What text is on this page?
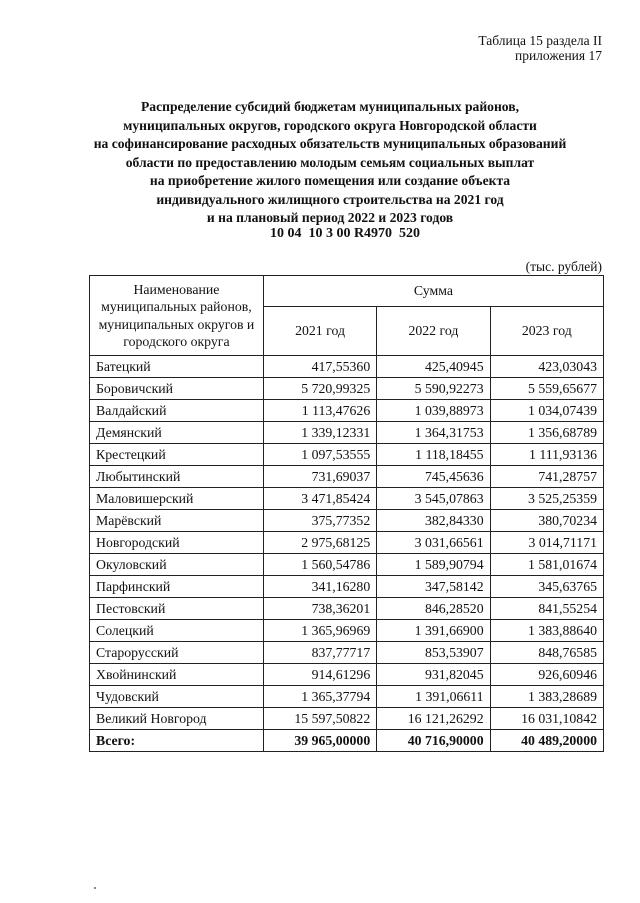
Таблица 15 раздела II
приложения 17
Распределение субсидий бюджетам муниципальных районов,
муниципальных округов, городского округа Новгородской области
на софинансирование расходных обязательств муниципальных образований
области по предоставлению молодым семьям социальных выплат
на приобретение жилого помещения или создание объекта
индивидуального жилищного строительства на 2021 год
и на плановый период 2022 и 2023 годов
10 04  10 3 00 R4970  520
(тыс. рублей)
Наименование муниципальных районов, муниципальных округов и городского округа	Сумма		
	2021 год	2022 год	2023 год
Батецкий	417,55360	425,40945	423,03043
Боровичский	5 720,99325	5 590,92273	5 559,65677
Валдайский	1 113,47626	1 039,88973	1 034,07439
Демянский	1 339,12331	1 364,31753	1 356,68789
Крестецкий	1 097,53555	1 118,18455	1 111,93136
Любытинский	731,69037	745,45636	741,28757
Маловишерский	3 471,85424	3 545,07863	3 525,25359
Марёвский	375,77352	382,84330	380,70234
Новгородский	2 975,68125	3 031,66561	3 014,71171
Окуловский	1 560,54786	1 589,90794	1 581,01674
Парфинский	341,16280	347,58142	345,63765
Пестовский	738,36201	846,28520	841,55254
Солецкий	1 365,96969	1 391,66900	1 383,88640
Старорусский	837,77717	853,53907	848,76585
Хвойнинский	914,61296	931,82045	926,60946
Чудовский	1 365,37794	1 391,06611	1 383,28689
Великий Новгород	15 597,50822	16 121,26292	16 031,10842
Всего:	39 965,00000	40 716,90000	40 489,20000
